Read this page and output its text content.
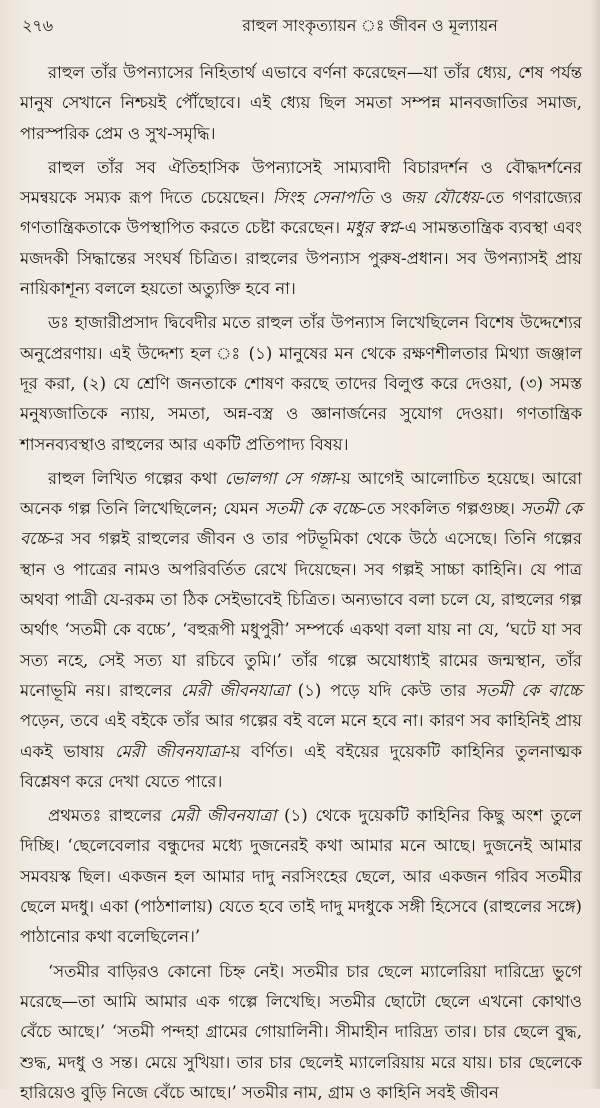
২৭৬	রাহুল সাংকৃত্যায়ন ঃ জীবন ও মূল্যায়ন

রাহুল তাঁর উপন্যাসের নিহিতার্থ এভাবে বর্ণনা করেছেন—যা তাঁর ধ্যেয়, শেষ পর্যন্ত মানুষ সেখানে নিশ্চয়ই পৌঁছোবে। এই ধ্যেয় ছিল সমতা সম্পন্ন মানবজাতির সমাজ, পারস্পরিক প্রেম ও সুখ-সমৃদ্ধি।

রাহুল তাঁর সব ঐতিহাসিক উপন্যাসেই সাম্যবাদী বিচারদর্শন ও বৌদ্ধদর্শনের সমন্বয়কে সম্যক রূপ দিতে চেয়েছেন। সিংহ সেনাপতি ও জয় যৌধেয়-তে গণরাজ্যের গণতান্ত্রিকতাকে উপস্থাপিত করতে চেষ্টা করেছেন। মধুর স্বপ্ন-এ সামন্ততান্ত্রিক ব্যবস্থা এবং মজদকী সিদ্ধান্তের সংঘর্ষ চিত্রিত। রাহুলের উপন্যাস পুরুষ-প্রধান। সব উপন্যাসই প্রায় নায়িকাশূন্য বললে হয়তো অত্যুক্তি হবে না।

ডঃ হাজারীপ্রসাদ দ্বিবেদীর মতে রাহুল তাঁর উপন্যাস লিখেছিলেন বিশেষ উদ্দেশ্যের অনুপ্রেরণায়। এই উদ্দেশ্য হল ঃ (১) মানুষের মন থেকে রক্ষণশীলতার মিথ্যা জঞ্জাল দূর করা, (২) যে শ্রেণি জনতাকে শোষণ করছে তাদের বিলুপ্ত করে দেওয়া, (৩) সমস্ত মনুষ্যজাতিকে ন্যায়, সমতা, অন্ন-বস্ত্র ও জ্ঞানার্জনের সুযোগ দেওয়া। গণতান্ত্রিক শাসনব্যবস্থাও রাহুলের আর একটি প্রতিপাদ্য বিষয়।

রাহুল লিখিত গল্পের কথা ভোলগা সে গঙ্গা-য় আগেই আলোচিত হয়েছে। আরো অনেক গল্প তিনি লিখেছিলেন; যেমন সতমী কে বচ্চে-তে সংকলিত গল্পগুচ্ছ। সতমী কে বচ্চে-র সব গল্পই রাহুলের জীবন ও তার পটভূমিকা থেকে উঠে এসেছে। তিনি গল্পের স্থান ও পাত্রের নামও অপরিবর্তিত রেখে দিয়েছেন। সব গল্পই সাচ্চা কাহিনি। যে পাত্র অথবা পাত্রী যে-রকম তা ঠিক সেইভাবেই চিত্রিত। অন্যভাবে বলা চলে যে, রাহুলের গল্প অর্থাৎ ‘সতমী কে বচ্চে’, ‘বহুরূপী মধুপুরী’ সম্পর্কে একথা বলা যায় না যে, ‘ঘটে যা সব সত্য নহে, সেই সত্য যা রচিবে তুমি।’ তাঁর গল্পে অযোধ্যাই রামের জন্মস্থান, তাঁর মনোভূমি নয়। রাহুলের মেরী জীবনযাত্রা (১) পড়ে যদি কেউ তার সতমী কে বাচ্চে পড়েন, তবে এই বইকে তাঁর আর গল্পের বই বলে মনে হবে না। কারণ সব কাহিনিই প্রায় একই ভাষায় মেরী জীবনযাত্রা-য় বর্ণিত। এই বইয়ের দুয়েকটি কাহিনির তুলনাত্মক বিশ্লেষণ করে দেখা যেতে পারে।

প্রথমতঃ রাহুলের মেরী জীবনযাত্রা (১) থেকে দুয়েকটি কাহিনির কিছু অংশ তুলে দিচ্ছি। ‘ছেলেবেলার বন্ধুদের মধ্যে দুজনেরই কথা আমার মনে আছে। দুজনেই আমার সমবয়স্ক ছিল। একজন হল আমার দাদু নরসিংহের ছেলে, আর একজন গরিব সতমীর ছেলে মদধু। একা (পাঠশালায়) যেতে হবে তাই দাদু মদধুকে সঙ্গী হিসেবে (রাহুলের সঙ্গে) পাঠানোর কথা বলেছিলেন।’

‘সতমীর বাড়িরও কোনো চিহ্ন নেই। সতমীর চার ছেলে ম্যালেরিয়া দারিদ্র্যে ভুগে মরেছে—তা আমি আমার এক গল্পে লিখেছি। সতমীর ছোটো ছেলে এখনো কোথাও বেঁচে আছে।’ ‘সতমী পন্দহা গ্রামের গোয়ালিনী। সীমাহীন দারিদ্র্য তার। চার ছেলে বুদ্ধ, শুদ্ধ, মদধু ও সন্ত। মেয়ে সুখিয়া। তার চার ছেলেই ম্যালেরিয়ায় মরে যায়। চার ছেলেকে হারিয়েও বুড়ি নিজে বেঁচে আছে।’ সতমীর নাম, গ্রাম ও কাহিনি সবই জীবন
